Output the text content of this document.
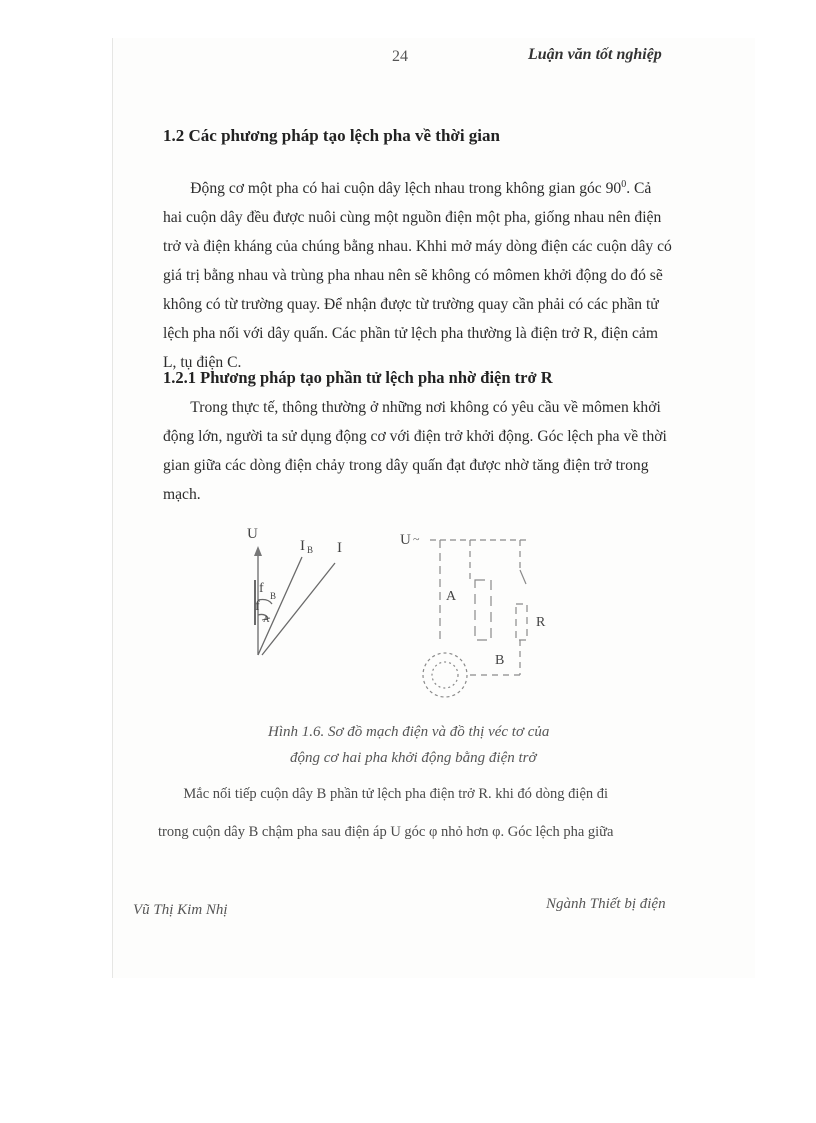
24	Luận văn tốt nghiệp
1.2 Các phương pháp tạo lệch pha về thời gian
Động cơ một pha có hai cuộn dây lệch nhau trong không gian góc $90^0$. Cả
hai cuộn dây đều được nuôi cùng một nguồn điện một pha, giống nhau nên điện
trở và điện kháng của chúng bằng nhau. Khhi mở máy dòng điện các cuộn dây có
giá trị bằng nhau và trùng pha nhau nên sẽ không có mômen khởi động do đó sẽ
không có từ trường quay. Để nhận được từ trường quay cần phải có các phần tử
lệch pha nối với dây quấn. Các phần tử lệch pha thường là điện trở R, điện cảm
L, tụ điện C.
1.2.1 Phương pháp tạo phần tử lệch pha nhờ điện trở R
Trong thực tế, thông thường ở những nơi không có yêu cầu về mômen khởi
động lớn, người ta sử dụng động cơ với điện trở khởi động. Góc lệch pha về thời
gian giữa các dòng điện chảy trong dây quấn đạt được nhờ tăng điện trở trong
mạch.
U
I B I
f B
f
A
U ~
A
R
B
Hình 1.6. Sơ đồ mạch điện và đồ thị véc tơ của
động cơ hai pha khởi động bằng điện trở
Mắc nối tiếp cuộn dây B phần tử lệch pha điện trở R. khi đó dòng điện đi
trong cuộn dây B chậm pha sau điện áp U góc φ nhỏ hơn φ. Góc lệch pha giữa
Vũ Thị Kim Nhị	Ngành Thiết bị điện
